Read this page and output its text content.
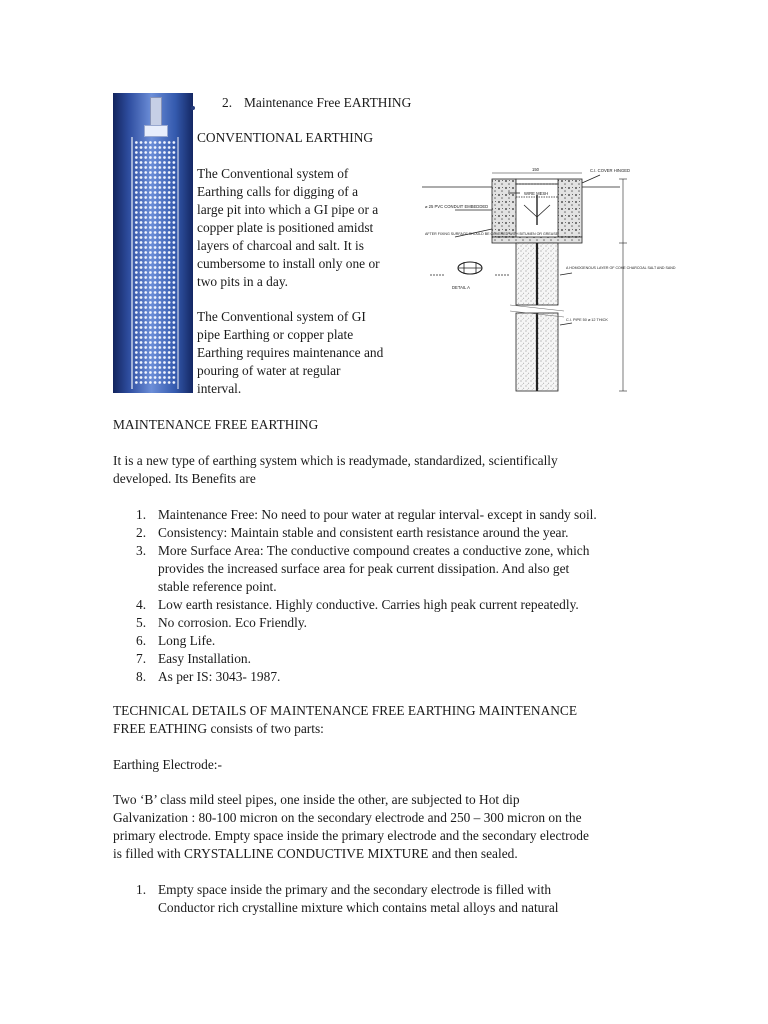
2. Maintenance Free EARTHING
CONVENTIONAL EARTHING
The Conventional system of
Earthing calls for digging of a
large pit into which a GI pipe or a
copper plate is positioned amidst
layers of charcoal and salt. It is
cumbersome to install only one or
two pits in a day.
The Conventional system of GI
pipe Earthing or copper plate
Earthing requires maintenance and
pouring of water at regular
interval.
C.I. COVER HINGED
WIRE MESH
⌀ 25 PVC CONDUIT EMBEDDED
AFTER FIXING SURFACE SHOULD BE COVERED WITH BITUMEN OR GREASE
DETAIL A
A HOMOGENOUS LAYER OF COKE CHARCOAL SALT AND SAND
C.I. PIPE 50 ⌀ 12 THICK
150
MAINTENANCE FREE EARTHING
It is a new type of earthing system which is readymade, standardized, scientifically
developed. Its Benefits are
1. Maintenance Free: No need to pour water at regular interval- except in sandy soil.
2. Consistency: Maintain stable and consistent earth resistance around the year.
3. More Surface Area: The conductive compound creates a conductive zone, which
provides the increased surface area for peak current dissipation. And also get
stable reference point.
4. Low earth resistance. Highly conductive. Carries high peak current repeatedly.
5. No corrosion. Eco Friendly.
6. Long Life.
7. Easy Installation.
8. As per IS: 3043- 1987.
TECHNICAL DETAILS OF MAINTENANCE FREE EARTHING MAINTENANCE
FREE EATHING consists of two parts:
Earthing Electrode:-
Two ‘B’ class mild steel pipes, one inside the other, are subjected to Hot dip
Galvanization : 80-100 micron on the secondary electrode and 250 – 300 micron on the
primary electrode. Empty space inside the primary electrode and the secondary electrode
is filled with CRYSTALLINE CONDUCTIVE MIXTURE and then sealed.
1. Empty space inside the primary and the secondary electrode is filled with
Conductor rich crystalline mixture which contains metal alloys and natural
